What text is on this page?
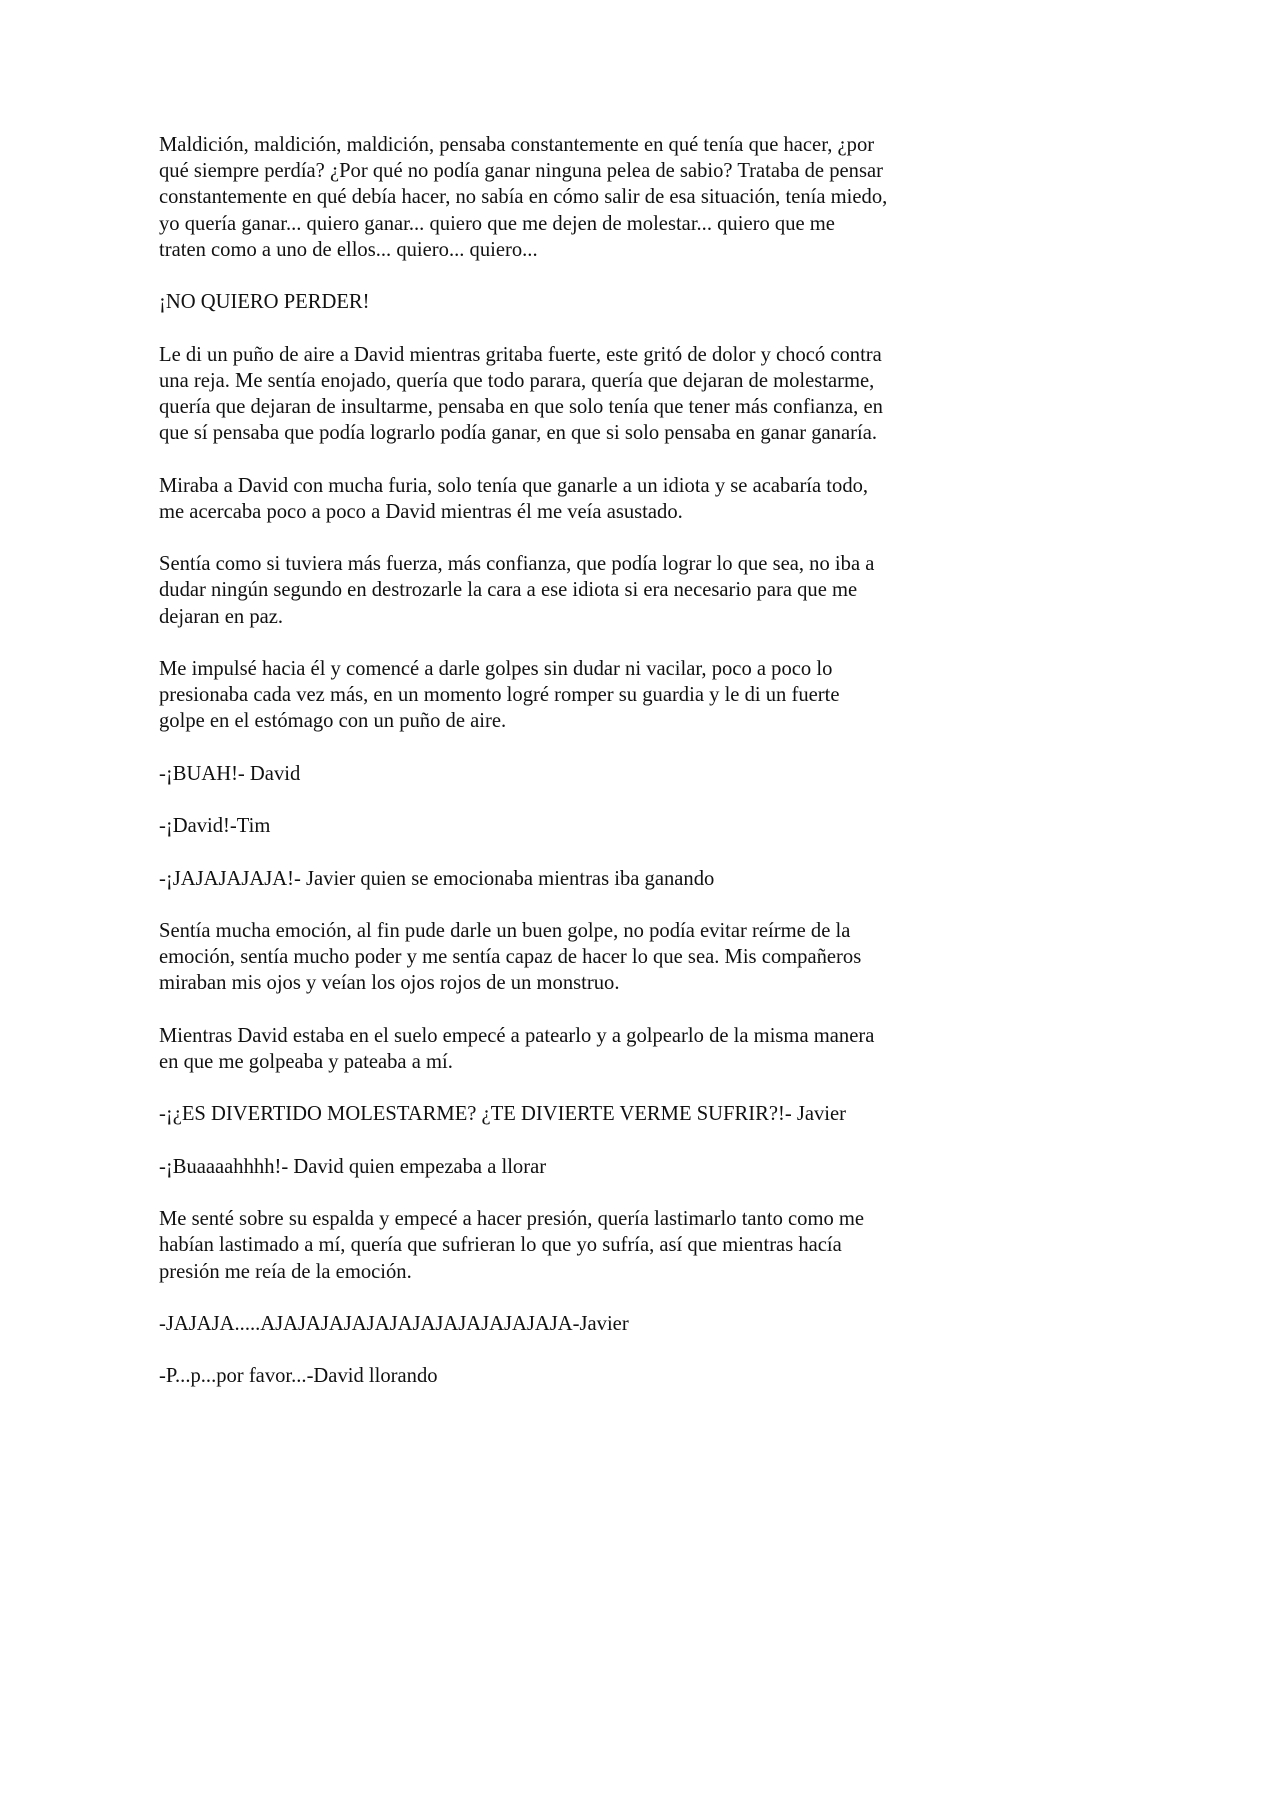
Maldición, maldición, maldición, pensaba constantemente en qué tenía que hacer, ¿por
qué siempre perdía? ¿Por qué no podía ganar ninguna pelea de sabio? Trataba de pensar
constantemente en qué debía hacer, no sabía en cómo salir de esa situación, tenía miedo,
yo quería ganar... quiero ganar... quiero que me dejen de molestar... quiero que me
traten como a uno de ellos... quiero... quiero...

¡NO QUIERO PERDER!

Le di un puño de aire a David mientras gritaba fuerte, este gritó de dolor y chocó contra
una reja. Me sentía enojado, quería que todo parara, quería que dejaran de molestarme,
quería que dejaran de insultarme, pensaba en que solo tenía que tener más confianza, en
que sí pensaba que podía lograrlo podía ganar, en que si solo pensaba en ganar ganaría.

Miraba a David con mucha furia, solo tenía que ganarle a un idiota y se acabaría todo,
me acercaba poco a poco a David mientras él me veía asustado.

Sentía como si tuviera más fuerza, más confianza, que podía lograr lo que sea, no iba a
dudar ningún segundo en destrozarle la cara a ese idiota si era necesario para que me
dejaran en paz.

Me impulsé hacia él y comencé a darle golpes sin dudar ni vacilar, poco a poco lo
presionaba cada vez más, en un momento logré romper su guardia y le di un fuerte
golpe en el estómago con un puño de aire.

-¡BUAH!- David

-¡David!-Tim

-¡JAJAJAJAJA!- Javier quien se emocionaba mientras iba ganando

Sentía mucha emoción, al fin pude darle un buen golpe, no podía evitar reírme de la
emoción, sentía mucho poder y me sentía capaz de hacer lo que sea. Mis compañeros
miraban mis ojos y veían los ojos rojos de un monstruo.

Mientras David estaba en el suelo empecé a patearlo y a golpearlo de la misma manera
en que me golpeaba y pateaba a mí.

-¡¿ES DIVERTIDO MOLESTARME? ¿TE DIVIERTE VERME SUFRIR?!- Javier

-¡Buaaaahhhh!- David quien empezaba a llorar

Me senté sobre su espalda y empecé a hacer presión, quería lastimarlo tanto como me
habían lastimado a mí, quería que sufrieran lo que yo sufría, así que mientras hacía
presión me reía de la emoción.

-JAJAJA.....AJAJAJAJAJAJAJAJAJAJAJAJAJA-Javier

-P...p...por favor...-David llorando
